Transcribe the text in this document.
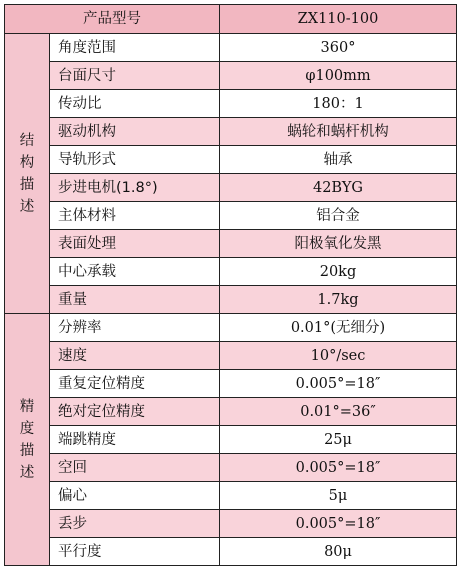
产品型号		ZX110-100
结构描述	角度范围	360°
	台面尺寸	φ100mm
	传动比	180：1
	驱动机构	蜗轮和蜗杆机构
	导轨形式	轴承
	步进电机(1.8°)	42BYG
	主体材料	铝合金
	表面处理	阳极氧化发黑
	中心承载	20kg
	重量	1.7kg
精度描述	分辨率	0.01°(无细分)
	速度	10°/sec
	重复定位精度	0.005°=18″
	绝对定位精度	0.01°=36″
	端跳精度	25μ
	空回	0.005°=18″
	偏心	5μ
	丢步	0.005°=18″
	平行度	80μ
